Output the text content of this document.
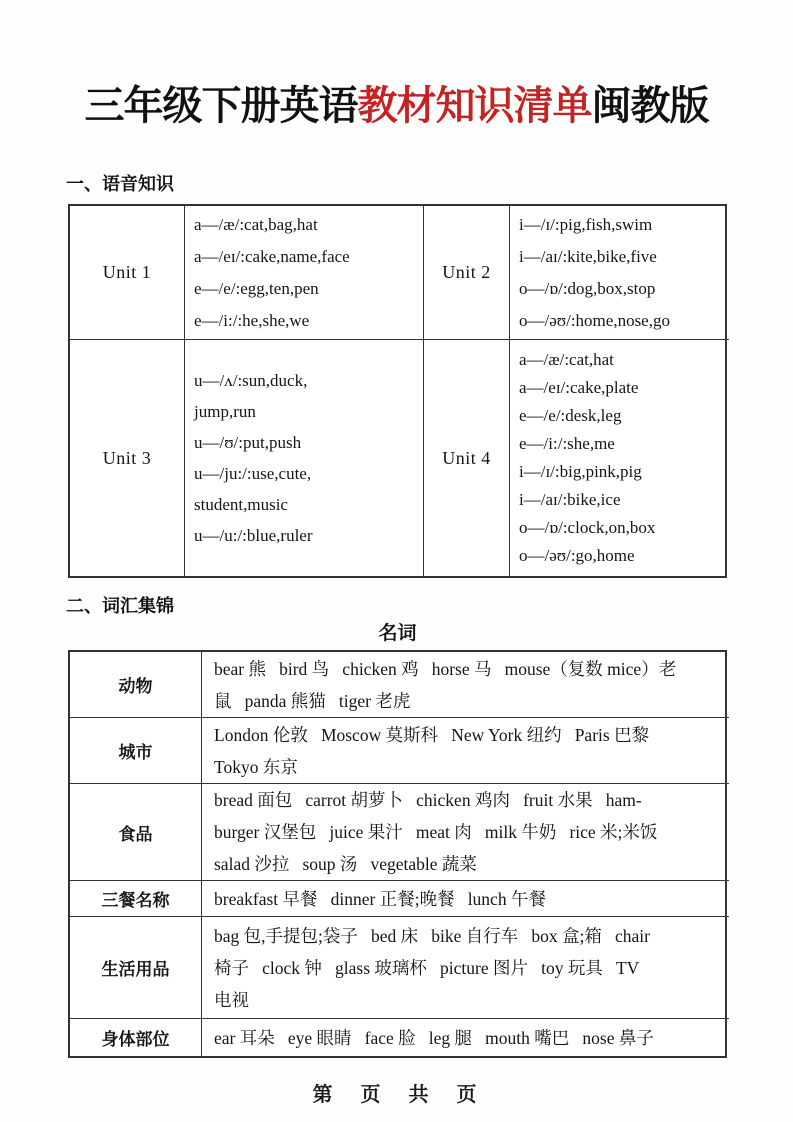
三年级下册英语教材知识清单闽教版
一、语音知识
Unit 1
a—/æ/:cat,bag,hat
a—/eɪ/:cake,name,face
e—/e/:egg,ten,pen
e—/i:/:he,she,we
Unit 2
i—/ɪ/:pig,fish,swim
i—/aɪ/:kite,bike,five
o—/ɒ/:dog,box,stop
o—/əʊ/:home,nose,go
Unit 3
u—/ʌ/:sun,duck,
jump,run
u—/ʊ/:put,push
u—/ju:/:use,cute,
student,music
u—/u:/:blue,ruler
Unit 4
a—/æ/:cat,hat
a—/eɪ/:cake,plate
e—/e/:desk,leg
e—/i:/:she,me
i—/ɪ/:big,pink,pig
i—/aɪ/:bike,ice
o—/ɒ/:clock,on,box
o—/əʊ/:go,home
二、词汇集锦
名词
动物
bear 熊   bird 鸟   chicken 鸡   horse 马   mouse（复数 mice）老
鼠   panda 熊猫   tiger 老虎
城市
London 伦敦   Moscow 莫斯科   New York 纽约   Paris 巴黎
Tokyo 东京
食品
bread 面包   carrot 胡萝卜   chicken 鸡肉   fruit 水果   ham-
burger 汉堡包   juice 果汁   meat 肉   milk 牛奶   rice 米;米饭
salad 沙拉   soup 汤   vegetable 蔬菜
三餐名称	breakfast 早餐   dinner 正餐;晚餐   lunch 午餐
生活用品
bag 包,手提包;袋子   bed 床   bike 自行车   box 盒;箱   chair
椅子   clock 钟   glass 玻璃杯   picture 图片   toy 玩具   TV
电视
身体部位	ear 耳朵   eye 眼睛   face 脸   leg 腿   mouth 嘴巴   nose 鼻子
第　页　共　页
